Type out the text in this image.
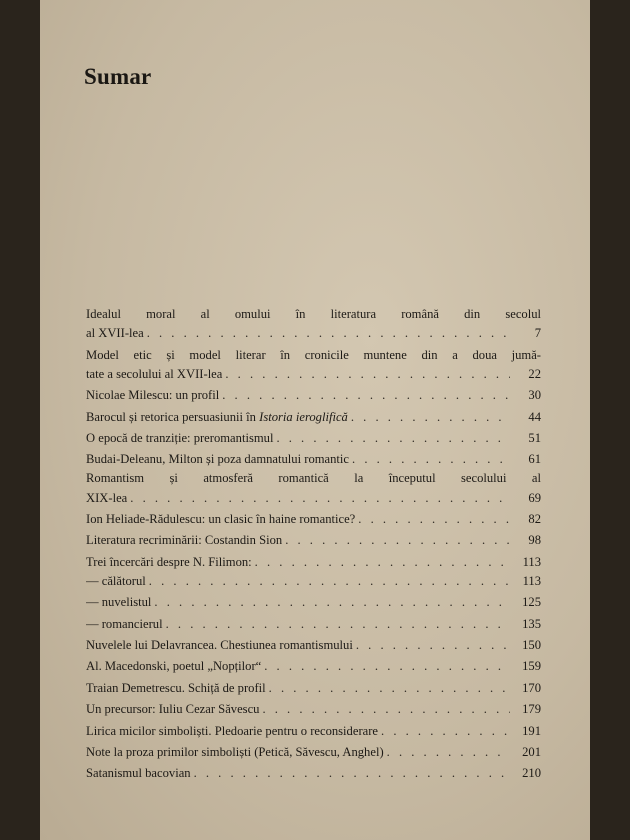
Sumar
Idealul moral al omului în literatura română din secolul
al XVII-lea . . .	7
Model etic și model literar în cronicile muntene din a doua jumă-
tate a secolului al XVII-lea . . .	22
Nicolae Milescu: un profil . . .	30
Barocul și retorica persuasiunii în
Istoria ieroglifică . . .	44
O epocă de tranziție: preromantismul . . .	51
Budai-Deleanu, Milton și poza damnatului romantic . . .	61
Romantism și atmosferă romantică la începutul secolului al
XIX-lea . . .	69
Ion Heliade-Rădulescu: un clasic în haine romantice? . . .	82
Literatura recriminării: Costandin Sion . . .	98
Trei încercări despre N. Filimon: . . .	113
— călătorul . . .	113
— nuvelistul . . .	125
— romancierul . . .	135
Nuvelele lui Delavrancea. Chestiunea romantismului . . .	150
Al. Macedonski, poetul „Nopților“ . . .	159
Traian Demetrescu. Schiță de profil . . .	170
Un precursor: Iuliu Cezar Săvescu . . .	179
Lirica micilor simboliști. Pledoarie pentru o reconsiderare . . .	191
Note la proza primilor simboliști (Petică, Săvescu, Anghel) . . .	201
Satanismul bacovian . . .	210
